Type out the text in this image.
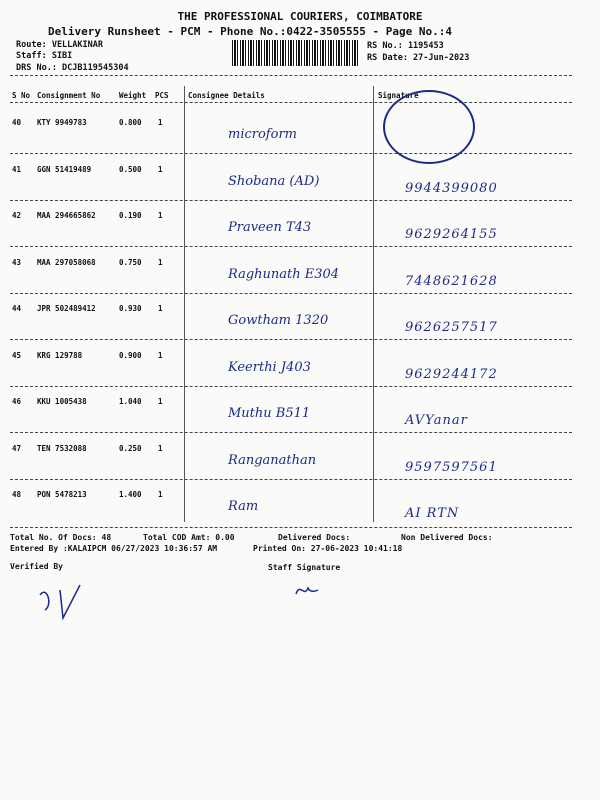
THE PROFESSIONAL COURIERS, COIMBATORE
Delivery Runsheet - PCM - Phone No.:0422-3505555 - Page No.:4
Route: VELLAKINAR
Staff: SIBI
DRS No.: DCJB119545304
RS No.: 1195453
RS Date: 27-Jun-2023
S No Consignment No	Weight PCS	Consignee Details	Signature
40 KTY 9949783	0.800 1
microform
41 GGN 51419489	0.500 1
Shobana (AD)	9944399080
42 MAA 294665862	0.190 1
Praveen T43	9629264155
43 MAA 297058068	0.750 1
Raghunath E304	7448621628
44 JPR 502489412	0.930 1
Gowtham 1320	9626257517
45 KRG 129788	0.900 1
Keerthi J403	9629244172
46 KKU 1005438	1.040 1
Muthu B511	AVYanar
47 TEN 7532088	0.250 1
Ranganathan	9597597561
48 PON 5478213	1.400 1
Ram	AI RTN
Total No. Of Docs: 48	Total COD Amt: 0.00	Delivered Docs:	Non Delivered Docs:
Entered By :KALAIPCM 06/27/2023 10:36:57 AM	Printed On: 27-06-2023 10:41:18
Verified By	Staff Signature
